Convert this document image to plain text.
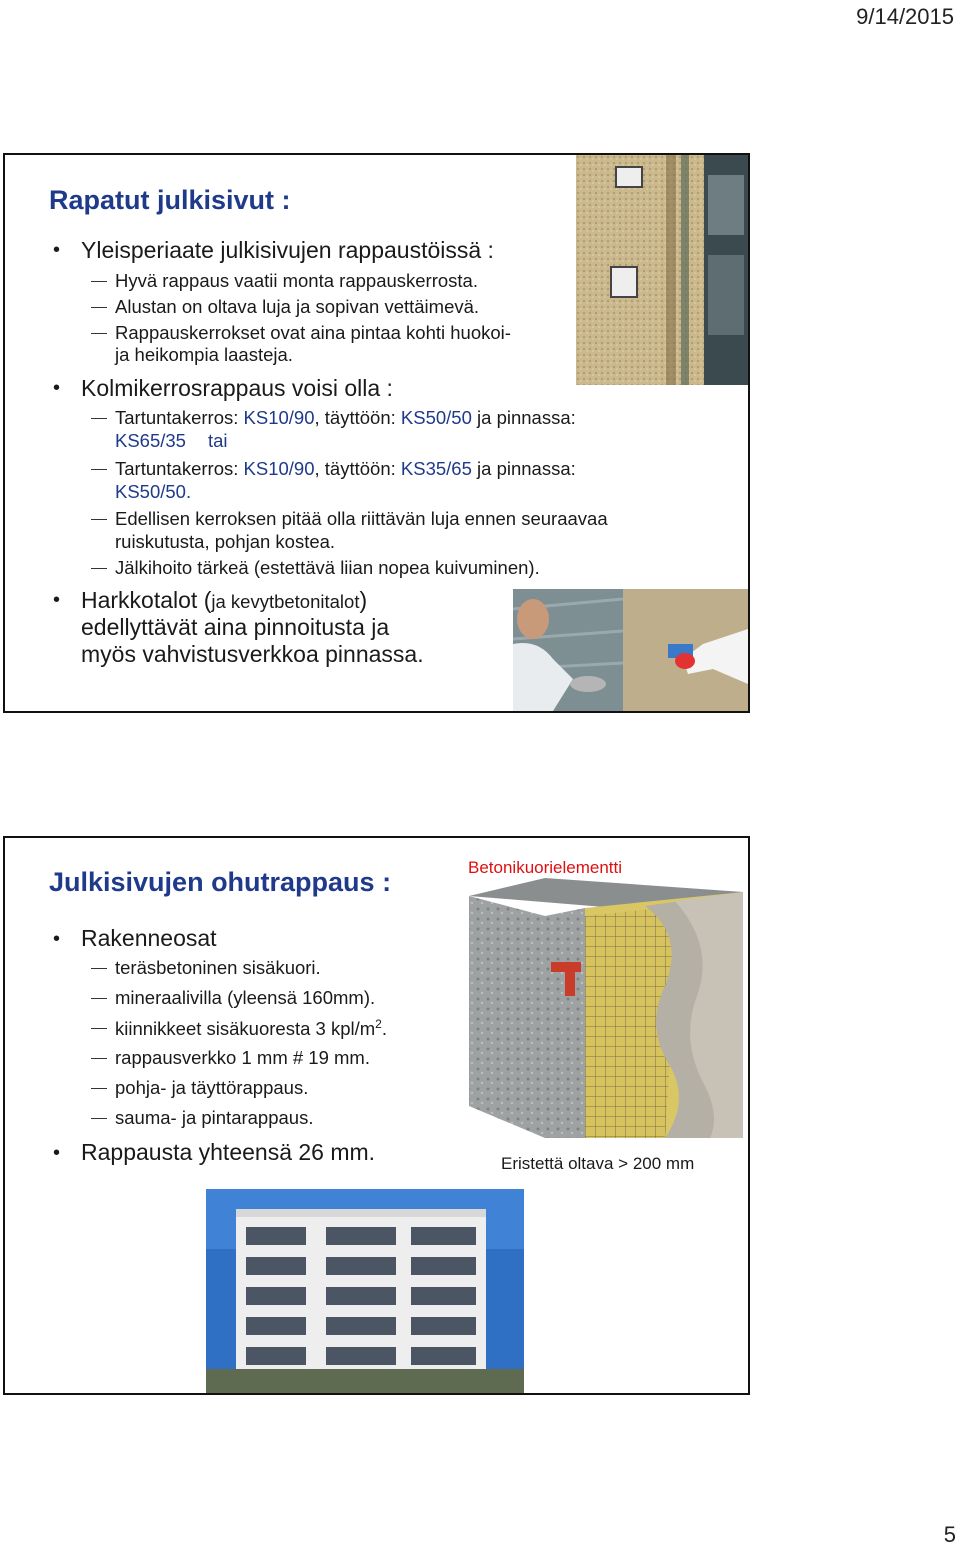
9/14/2015
Rapatut julkisivut :
• Yleisperiaate julkisivujen rappaustöissä :
Hyvä rappaus vaatii monta rappauskerrosta.
Alustan on oltava luja ja sopivan vettäimevä.
Rappauskerrokset ovat aina pintaa kohti huokoi-
ja heikompia laasteja.
• Kolmikerrosrappaus voisi olla :
Tartuntakerros: KS10/90, täyttöön: KS50/50 ja pinnassa:
KS65/35 tai
Tartuntakerros: KS10/90, täyttöön: KS35/65 ja pinnassa:
KS50/50.
Edellisen kerroksen pitää olla riittävän luja ennen seuraavaa
ruiskutusta, pohjan kostea.
Jälkihoito tärkeä (estettävä liian nopea kuivuminen).
• Harkkotalot (ja kevytbetonitalot)
edellyttävät aina pinnoitusta ja
myös vahvistusverkkoa pinnassa.
Julkisivujen ohutrappaus :	Betonikuorielementti
• Rakenneosat
teräsbetoninen sisäkuori.
mineraalivilla (yleensä 160mm).
kiinnikkeet sisäkuoresta 3 kpl/$m^2$.
rappausverkko 1 mm # 19 mm.
pohja- ja täyttörappaus.
sauma- ja pintarappaus.
• Rappausta yhteensä 26 mm.	Eristettä oltava > 200 mm
5
